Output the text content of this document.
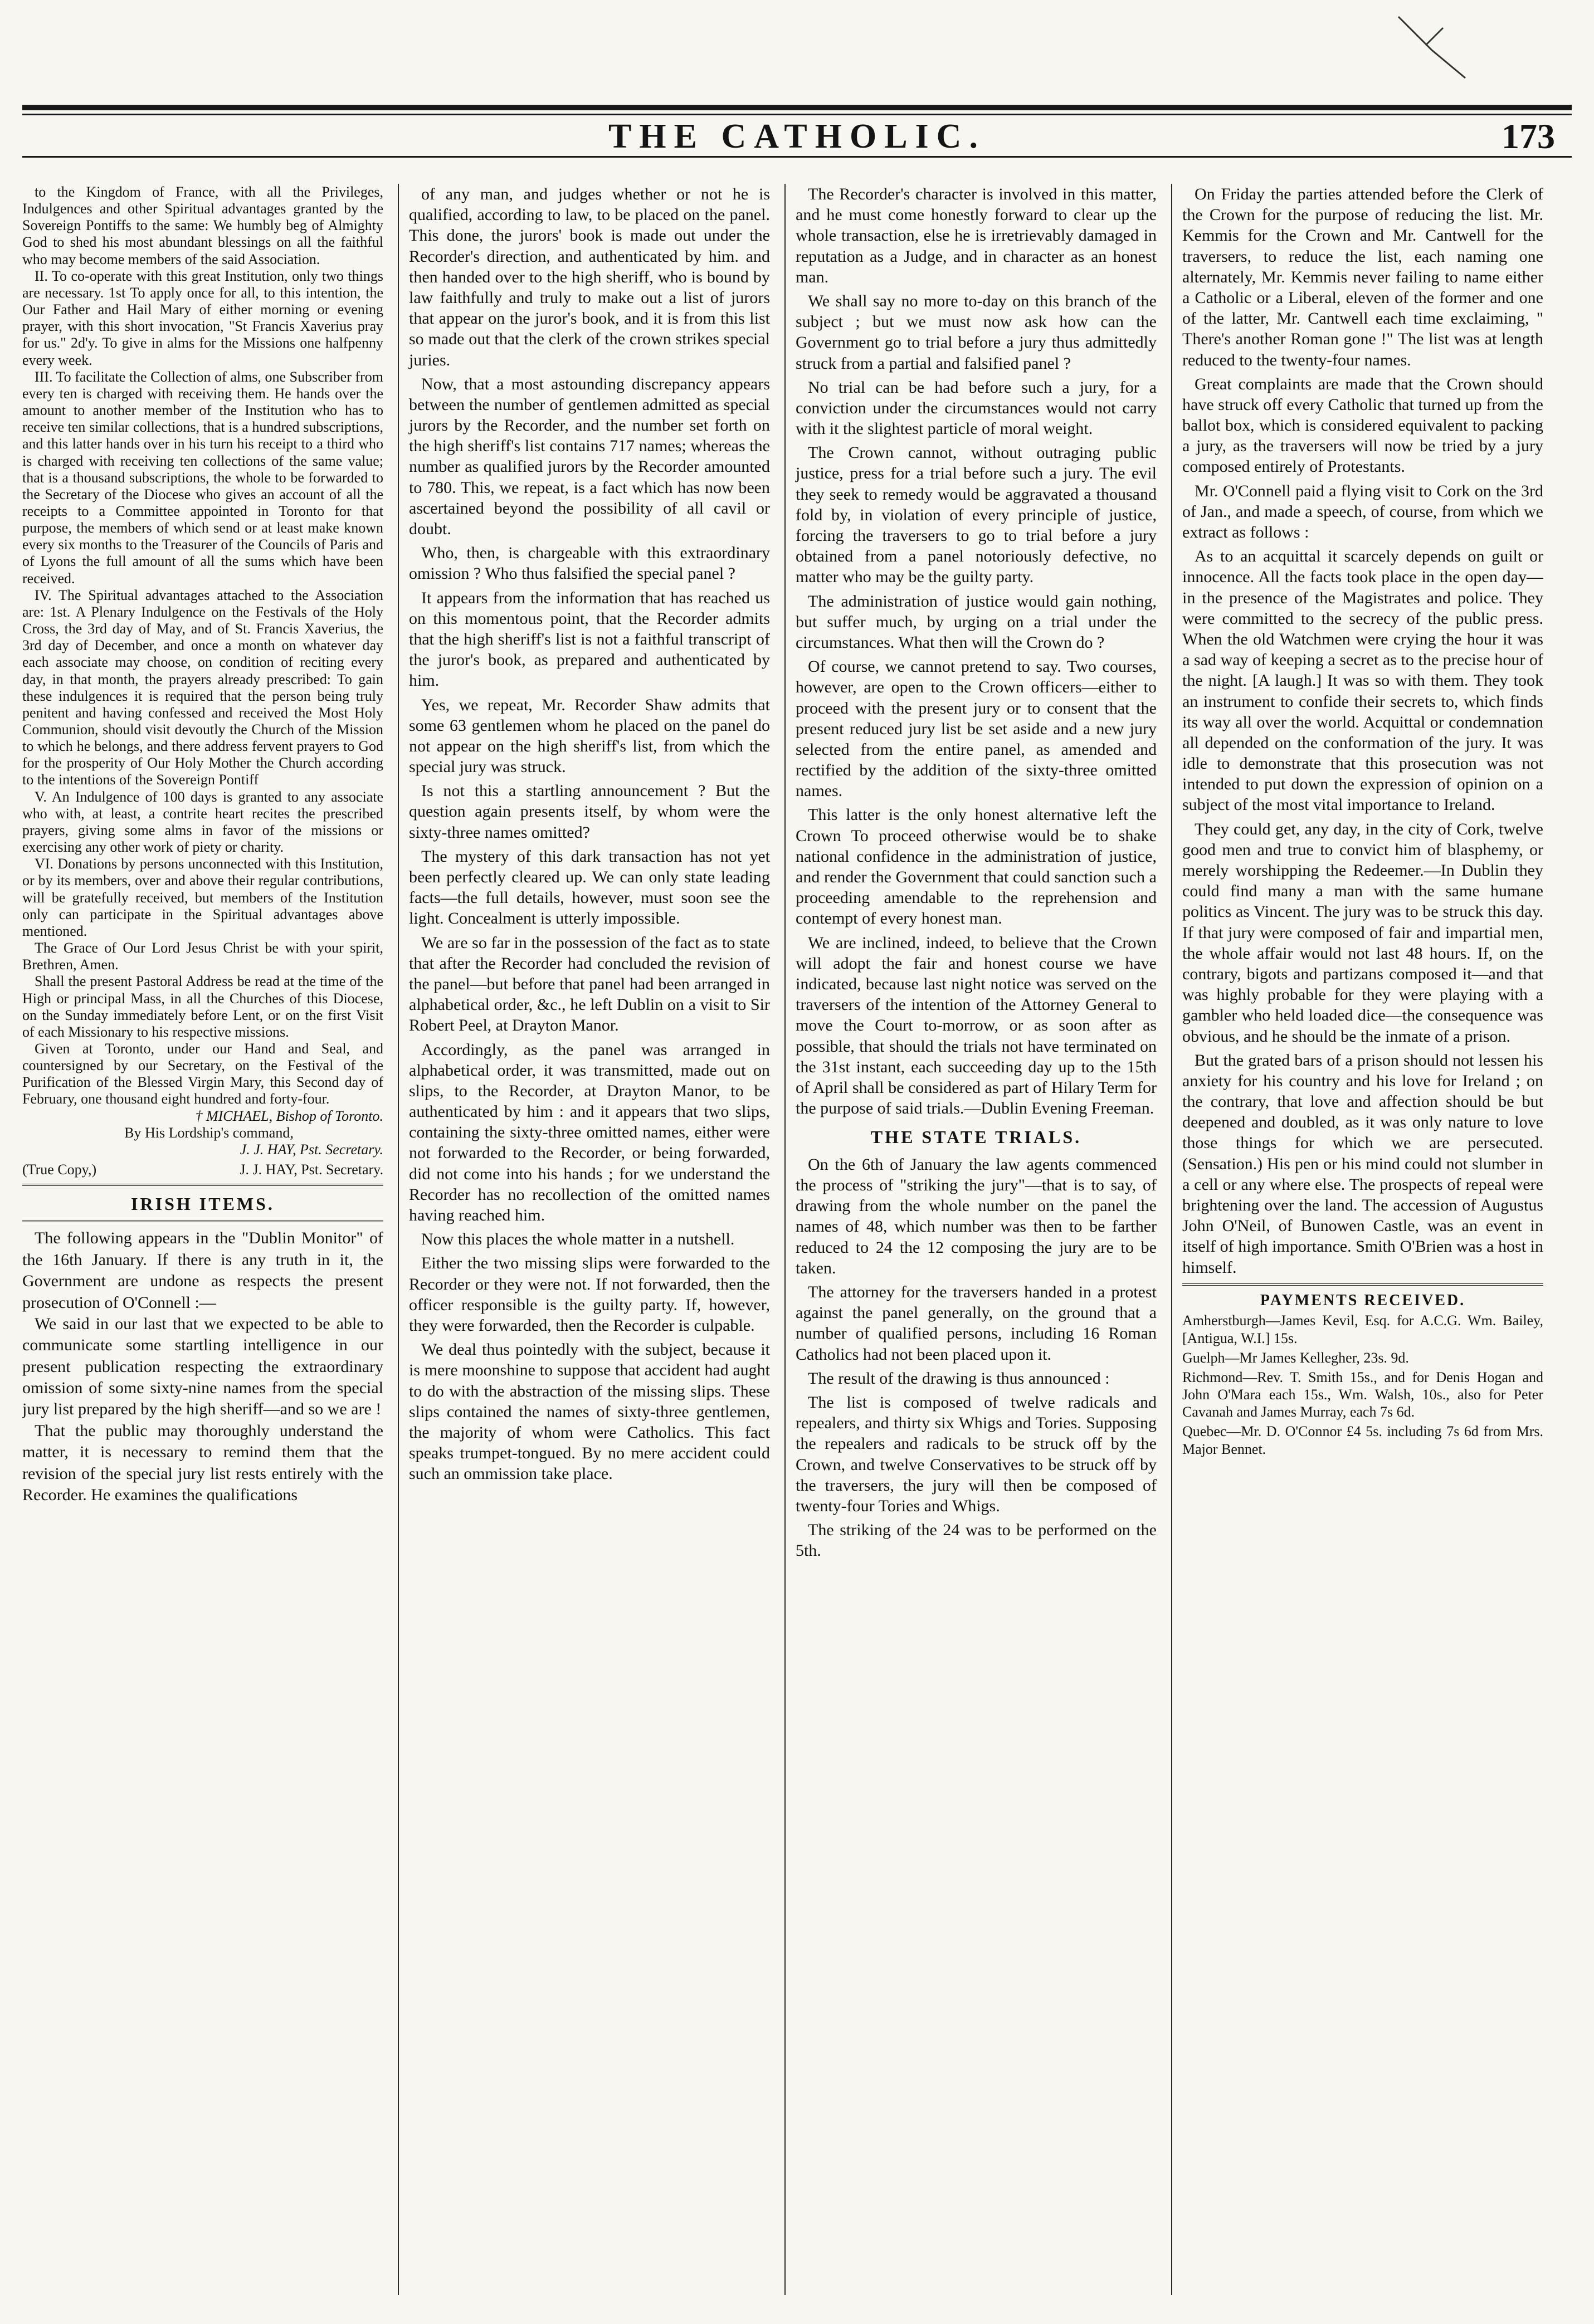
THE CATHOLIC.	173

to the Kingdom of France, with all the Privileges, Indulgences and other Spiritual advantages granted by the Sovereign Pontiffs to the same: We humbly beg of Almighty God to shed his most abundant blessings on all the faithful who may become members of the said Association.

II. To co-operate with this great Institution, only two things are necessary. 1st To apply once for all, to this intention, the Our Father and Hail Mary of either morning or evening prayer, with this short invocation, "St Francis Xaverius pray for us." 2d'y. To give in alms for the Missions one halfpenny every week.

III. To facilitate the Collection of alms, one Subscriber from every ten is charged with receiving them. He hands over the amount to another member of the Institution who has to receive ten similar collections, that is a hundred subscriptions, and this latter hands over in his turn his receipt to a third who is charged with receiving ten collections of the same value; that is a thousand subscriptions, the whole to be forwarded to the Secretary of the Diocese who gives an account of all the receipts to a Committee appointed in Toronto for that purpose, the members of which send or at least make known every six months to the Treasurer of the Councils of Paris and of Lyons the full amount of all the sums which have been received.

IV. The Spiritual advantages attached to the Association are: 1st. A Plenary Indulgence on the Festivals of the Holy Cross, the 3rd day of May, and of St. Francis Xaverius, the 3rd day of December, and once a month on whatever day each associate may choose, on condition of reciting every day, in that month, the prayers already prescribed: To gain these indulgences it is required that the person being truly penitent and having confessed and received the Most Holy Communion, should visit devoutly the Church of the Mission to which he belongs, and there address fervent prayers to God for the prosperity of Our Holy Mother the Church according to the intentions of the Sovereign Pontiff

V. An Indulgence of 100 days is granted to any associate who with, at least, a contrite heart recites the prescribed prayers, giving some alms in favor of the missions or exercising any other work of piety or charity.

VI. Donations by persons unconnected with this Institution, or by its members, over and above their regular contributions, will be gratefully received, but members of the Institution only can participate in the Spiritual advantages above mentioned.

The Grace of Our Lord Jesus Christ be with your spirit, Brethren, Amen.

Shall the present Pastoral Address be read at the time of the High or principal Mass, in all the Churches of this Diocese, on the Sunday immediately before Lent, or on the first Visit of each Missionary to his respective missions.

Given at Toronto, under our Hand and Seal, and countersigned by our Secretary, on the Festival of the Purification of the Blessed Virgin Mary, this Second day of February, one thousand eight hundred and forty-four.

† MICHAEL, Bishop of Toronto.

By His Lordship's command,

J. J. HAY, Pst. Secretary.

(True Copy,)	J. J. HAY, Pst. Secretary.
IRISH ITEMS.

The following appears in the "Dublin Monitor" of the 16th January. If there is any truth in it, the Government are undone as respects the present prosecution of O'Connell :—

We said in our last that we expected to be able to communicate some startling intelligence in our present publication respecting the extraordinary omission of some sixty-nine names from the special jury list prepared by the high sheriff—and so we are !

That the public may thoroughly understand the matter, it is necessary to remind them that the revision of the special jury list rests entirely with the Recorder. He examines the qualifications

of any man, and judges whether or not he is qualified, according to law, to be placed on the panel. This done, the jurors' book is made out under the Recorder's direction, and authenticated by him. and then handed over to the high sheriff, who is bound by law faithfully and truly to make out a list of jurors that appear on the juror's book, and it is from this list so made out that the clerk of the crown strikes special juries.

Now, that a most astounding discrepancy appears between the number of gentlemen admitted as special jurors by the Recorder, and the number set forth on the high sheriff's list contains 717 names; whereas the number as qualified jurors by the Recorder amounted to 780. This, we repeat, is a fact which has now been ascertained beyond the possibility of all cavil or doubt.

Who, then, is chargeable with this extraordinary omission ? Who thus falsified the special panel ?

It appears from the information that has reached us on this momentous point, that the Recorder admits that the high sheriff's list is not a faithful transcript of the juror's book, as prepared and authenticated by him.

Yes, we repeat, Mr. Recorder Shaw admits that some 63 gentlemen whom he placed on the panel do not appear on the high sheriff's list, from which the special jury was struck.

Is not this a startling announcement ? But the question again presents itself, by whom were the sixty-three names omitted?

The mystery of this dark transaction has not yet been perfectly cleared up. We can only state leading facts—the full details, however, must soon see the light. Concealment is utterly impossible.

We are so far in the possession of the fact as to state that after the Recorder had concluded the revision of the panel—but before that panel had been arranged in alphabetical order, &c., he left Dublin on a visit to Sir Robert Peel, at Drayton Manor.

Accordingly, as the panel was arranged in alphabetical order, it was transmitted, made out on slips, to the Recorder, at Drayton Manor, to be authenticated by him : and it appears that two slips, containing the sixty-three omitted names, either were not forwarded to the Recorder, or being forwarded, did not come into his hands ; for we understand the Recorder has no recollection of the omitted names having reached him.

Now this places the whole matter in a nutshell.

Either the two missing slips were forwarded to the Recorder or they were not. If not forwarded, then the officer responsible is the guilty party. If, however, they were forwarded, then the Recorder is culpable.

We deal thus pointedly with the subject, because it is mere moonshine to suppose that accident had aught to do with the abstraction of the missing slips. These slips contained the names of sixty-three gentlemen, the majority of whom were Catholics. This fact speaks trumpet-tongued. By no mere accident could such an ommission take place.

The Recorder's character is involved in this matter, and he must come honestly forward to clear up the whole transaction, else he is irretrievably damaged in reputation as a Judge, and in character as an honest man.

We shall say no more to-day on this branch of the subject ; but we must now ask how can the Government go to trial before a jury thus admittedly struck from a partial and falsified panel ?

No trial can be had before such a jury, for a conviction under the circumstances would not carry with it the slightest particle of moral weight.

The Crown cannot, without outraging public justice, press for a trial before such a jury. The evil they seek to remedy would be aggravated a thousand fold by, in violation of every principle of justice, forcing the traversers to go to trial before a jury obtained from a panel notoriously defective, no matter who may be the guilty party.

The administration of justice would gain nothing, but suffer much, by urging on a trial under the circumstances. What then will the Crown do ?

Of course, we cannot pretend to say. Two courses, however, are open to the Crown officers—either to proceed with the present jury or to consent that the present reduced jury list be set aside and a new jury selected from the entire panel, as amended and rectified by the addition of the sixty-three omitted names.

This latter is the only honest alternative left the Crown To proceed otherwise would be to shake national confidence in the administration of justice, and render the Government that could sanction such a proceeding amendable to the reprehension and contempt of every honest man.

We are inclined, indeed, to believe that the Crown will adopt the fair and honest course we have indicated, because last night notice was served on the traversers of the intention of the Attorney General to move the Court to-morrow, or as soon after as possible, that should the trials not have terminated on the 31st instant, each succeeding day up to the 15th of April shall be considered as part of Hilary Term for the purpose of said trials.—Dublin Evening Freeman.

THE STATE TRIALS.

On the 6th of January the law agents commenced the process of "striking the jury"—that is to say, of drawing from the whole number on the panel the names of 48, which number was then to be farther reduced to 24 the 12 composing the jury are to be taken.

The attorney for the traversers handed in a protest against the panel generally, on the ground that a number of qualified persons, including 16 Roman Catholics had not been placed upon it.

The result of the drawing is thus announced :

The list is composed of twelve radicals and repealers, and thirty six Whigs and Tories. Supposing the repealers and radicals to be struck off by the Crown, and twelve Conservatives to be struck off by the traversers, the jury will then be composed of twenty-four Tories and Whigs.

The striking of the 24 was to be performed on the 5th.

On Friday the parties attended before the Clerk of the Crown for the purpose of reducing the list. Mr. Kemmis for the Crown and Mr. Cantwell for the traversers, to reduce the list, each naming one alternately, Mr. Kemmis never failing to name either a Catholic or a Liberal, eleven of the former and one of the latter, Mr. Cantwell each time exclaiming, " There's another Roman gone !" The list was at length reduced to the twenty-four names.

Great complaints are made that the Crown should have struck off every Catholic that turned up from the ballot box, which is considered equivalent to packing a jury, as the traversers will now be tried by a jury composed entirely of Protestants.

Mr. O'Connell paid a flying visit to Cork on the 3rd of Jan., and made a speech, of course, from which we extract as follows :

As to an acquittal it scarcely depends on guilt or innocence. All the facts took place in the open day—in the presence of the Magistrates and police. They were committed to the secrecy of the public press. When the old Watchmen were crying the hour it was a sad way of keeping a secret as to the precise hour of the night. [A laugh.] It was so with them. They took an instrument to confide their secrets to, which finds its way all over the world. Acquittal or condemnation all depended on the conformation of the jury. It was idle to demonstrate that this prosecution was not intended to put down the expression of opinion on a subject of the most vital importance to Ireland.

They could get, any day, in the city of Cork, twelve good men and true to convict him of blasphemy, or merely worshipping the Redeemer.—In Dublin they could find many a man with the same humane politics as Vincent. The jury was to be struck this day. If that jury were composed of fair and impartial men, the whole affair would not last 48 hours. If, on the contrary, bigots and partizans composed it—and that was highly probable for they were playing with a gambler who held loaded dice—the consequence was obvious, and he should be the inmate of a prison.

But the grated bars of a prison should not lessen his anxiety for his country and his love for Ireland ; on the contrary, that love and affection should be but deepened and doubled, as it was only nature to love those things for which we are persecuted. (Sensation.) His pen or his mind could not slumber in a cell or any where else. The prospects of repeal were brightening over the land. The accession of Augustus John O'Neil, of Bunowen Castle, was an event in itself of high importance. Smith O'Brien was a host in himself.

PAYMENTS RECEIVED.

Amherstburgh—James Kevil, Esq. for A.C.G. Wm. Bailey, [Antigua, W.I.] 15s.

Guelph—Mr James Kellegher, 23s. 9d.

Richmond—Rev. T. Smith 15s., and for Denis Hogan and John O'Mara each 15s., Wm. Walsh, 10s., also for Peter Cavanah and James Murray, each 7s 6d.

Quebec—Mr. D. O'Connor £4 5s. including 7s 6d from Mrs. Major Bennet.
